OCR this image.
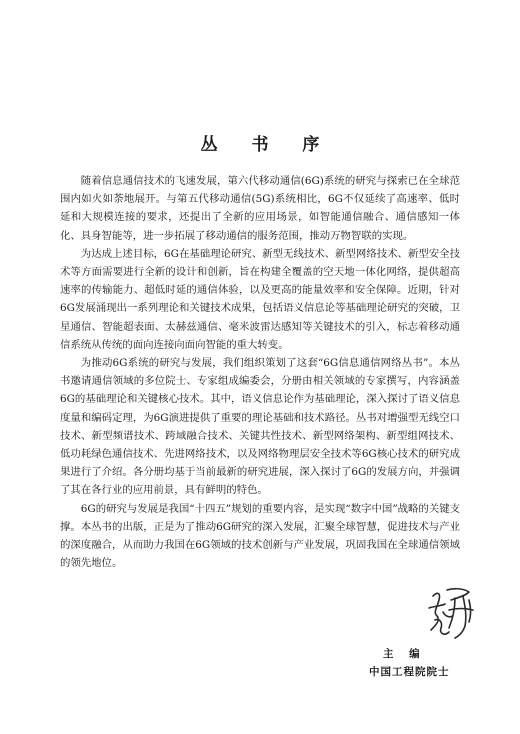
丛 书 序

随着信息通信技术的飞速发展，第六代移动通信(6G)系统的研究与探索已在全球范围内如火如荼地展开。与第五代移动通信(5G)系统相比，6G不仅延续了高速率、低时延和大规模连接的要求，还提出了全新的应用场景，如智能通信融合、通信感知一体化、具身智能等，进一步拓展了移动通信的服务范围，推动万物智联的实现。

为达成上述目标，6G在基础理论研究、新型无线技术、新型网络技术、新型安全技术等方面需要进行全新的设计和创新，旨在构建全覆盖的空天地一体化网络，提供超高速率的传输能力、超低时延的通信体验，以及更高的能量效率和安全保障。近期，针对6G发展涌现出一系列理论和关键技术成果，包括语义信息论等基础理论研究的突破，卫星通信、智能超表面、太赫兹通信、毫米波雷达感知等关键技术的引入，标志着移动通信系统从传统的面向连接向面向智能的重大转变。

为推动6G系统的研究与发展，我们组织策划了这套“6G信息通信网络丛书”。本丛书邀请通信领域的多位院士、专家组成编委会，分册由相关领域的专家撰写，内容涵盖6G的基础理论和关键核心技术。其中，语义信息论作为基础理论，深入探讨了语义信息度量和编码定理，为6G演进提供了重要的理论基础和技术路径。丛书对增强型无线空口技术、新型频谱技术、跨域融合技术、关键共性技术、新型网络架构、新型组网技术、低功耗绿色通信技术、先进网络技术，以及网络物理层安全技术等6G核心技术的研究成果进行了介绍。各分册均基于当前最新的研究进展，深入探讨了6G的发展方向，并强调了其在各行业的应用前景，具有鲜明的特色。

6G的研究与发展是我国“十四五”规划的重要内容，是实现“数字中国”战略的关键支撑。本丛书的出版，正是为了推动6G研究的深入发展，汇聚全球智慧，促进技术与产业的深度融合，从而助力我国在6G领域的技术创新与产业发展，巩固我国在全球通信领域的领先地位。

主 编
中国工程院院士
